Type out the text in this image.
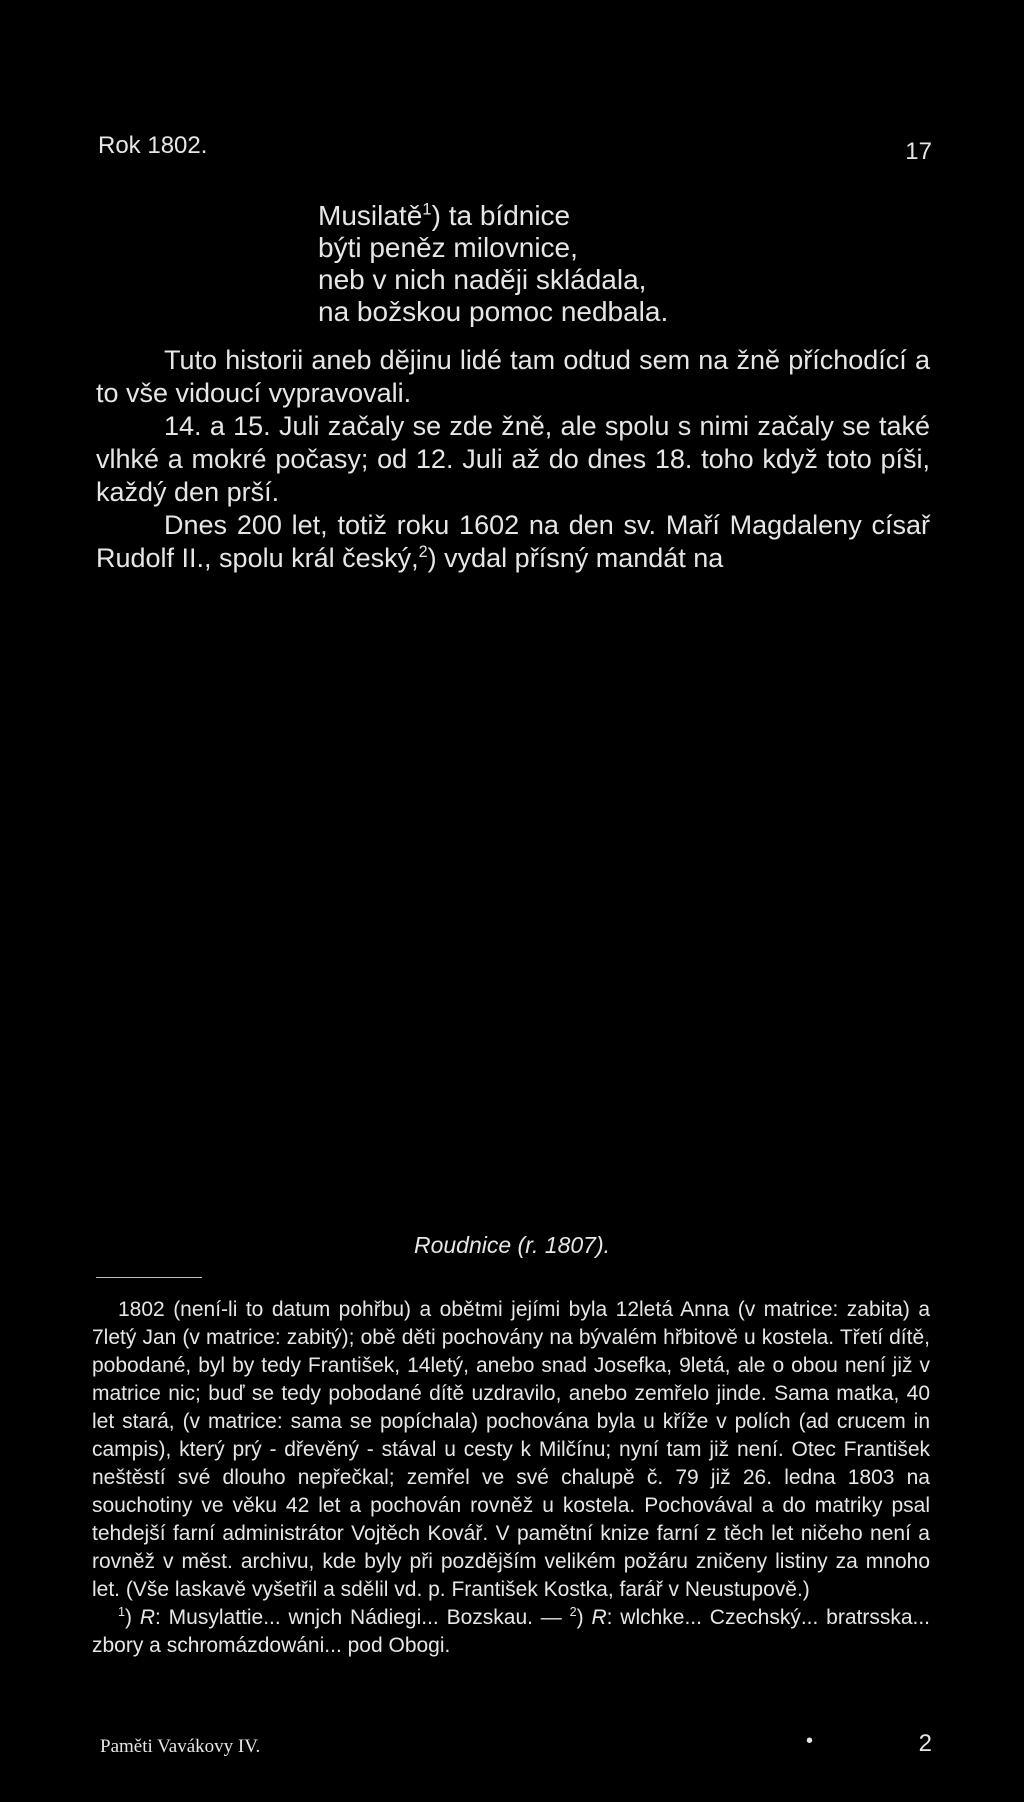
Rok 1802.	17
Musilatě$^1$) ta bídnice
býti peněz milovnice,
neb v nich naději skládala,
na božskou pomoc nedbala.

Tuto historii aneb dějinu lidé tam odtud sem na žně příchodící a to vše vidoucí vypravovali.

14. a 15. Juli začaly se zde žně, ale spolu s nimi začaly se také vlhké a mokré počasy; od 12. Juli až do dnes 18. toho když toto píši, každý den prší.

Dnes 200 let, totiž roku 1602 na den sv. Maří Magdaleny císař Rudolf II., spolu král český,$^2$) vydal přísný mandát na

Roudnice (r. 1807).

1802 (není-li to datum pohřbu) a obětmi jejími byla 12letá Anna (v matrice: zabita) a 7letý Jan (v matrice: zabitý); obě děti pochovány na bývalém hřbitově u kostela. Třetí dítě, pobodané, byl by tedy František, 14letý, anebo snad Josefka, 9letá, ale o obou není již v matrice nic; buď se tedy pobodané dítě uzdravilo, anebo zemřelo jinde. Sama matka, 40 let stará, (v matrice: sama se popíchala) pochována byla u kříže v polích (ad crucem in campis), který prý - dřevěný - stával u cesty k Milčínu; nyní tam již není. Otec František neštěstí své dlouho nepřečkal; zemřel ve své chalupě č. 79 již 26. ledna 1803 na souchotiny ve věku 42 let a pochován rovněž u kostela. Pochovával a do matriky psal tehdejší farní administrátor Vojtěch Kovář. V pamětní knize farní z těch let ničeho není a rovněž v měst. archivu, kde byly při pozdějším velikém požáru zničeny listiny za mnoho let. (Vše laskavě vyšetřil a sdělil vd. p. František Kostka, farář v Neustupově.)

$^1$) R: Musylattie... wnjch Nádiegi... Bozskau. — $^2$) R: wlchke... Czechský... bratrsska... zbory a schromázdowáni... pod Obogi.

Paměti Vavákovy IV.	•	2
